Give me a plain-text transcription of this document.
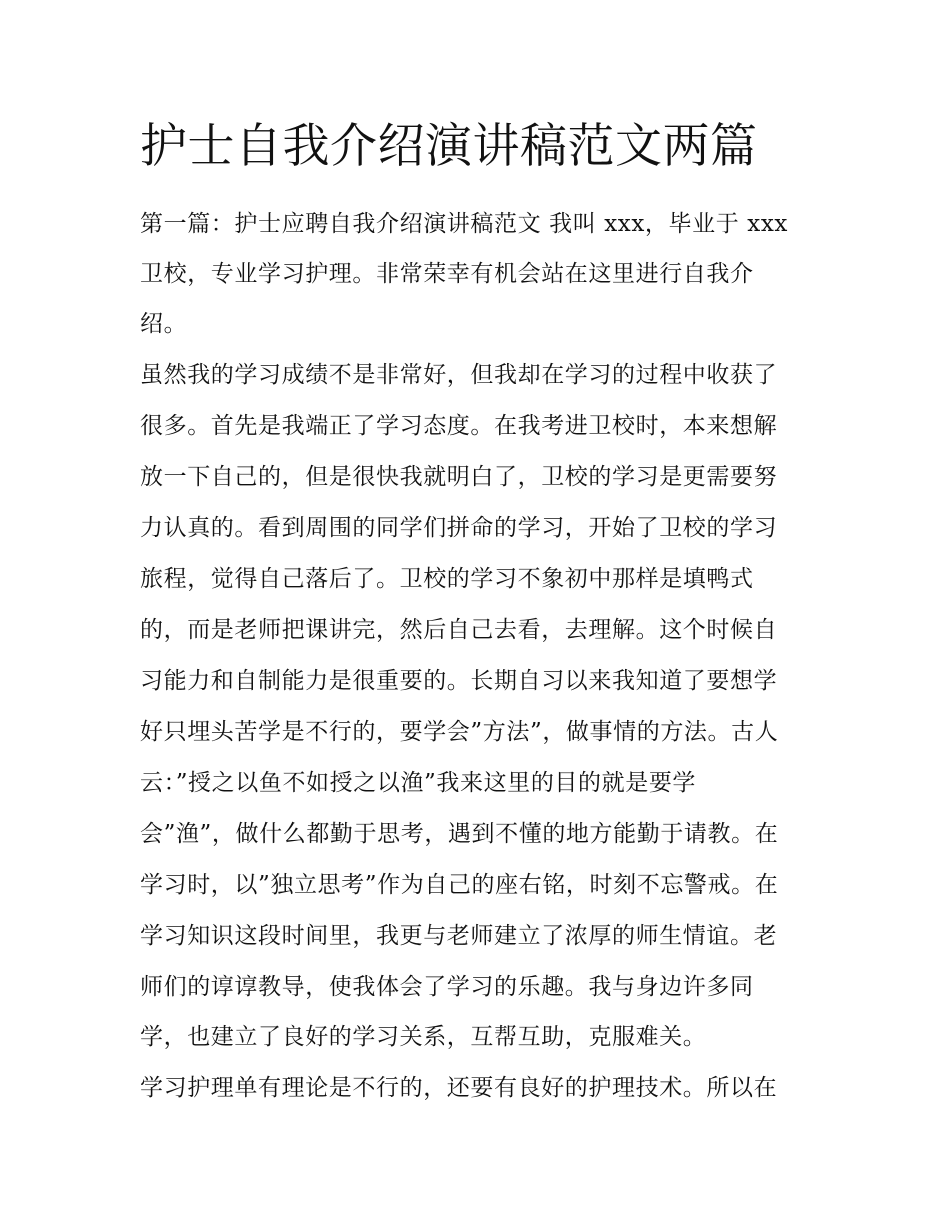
护士自我介绍演讲稿范文两篇

第一篇：护士应聘自我介绍演讲稿范文 我叫 xxx，毕业于 xxx

卫校，专业学习护理。非常荣幸有机会站在这里进行自我介

绍。

虽然我的学习成绩不是非常好，但我却在学习的过程中收获了

很多。首先是我端正了学习态度。在我考进卫校时，本来想解

放一下自己的，但是很快我就明白了，卫校的学习是更需要努

力认真的。看到周围的同学们拼命的学习，开始了卫校的学习

旅程，觉得自己落后了。卫校的学习不象初中那样是填鸭式

的，而是老师把课讲完，然后自己去看，去理解。这个时候自

习能力和自制能力是很重要的。长期自习以来我知道了要想学

好只埋头苦学是不行的，要学会”方法”，做事情的方法。古人

云：”授之以鱼不如授之以渔”我来这里的目的就是要学

会”渔”，做什么都勤于思考，遇到不懂的地方能勤于请教。在

学习时，以”独立思考”作为自己的座右铭，时刻不忘警戒。在

学习知识这段时间里，我更与老师建立了浓厚的师生情谊。老

师们的谆谆教导，使我体会了学习的乐趣。我与身边许多同

学，也建立了良好的学习关系，互帮互助，克服难关。

学习护理单有理论是不行的，还要有良好的护理技术。所以在
